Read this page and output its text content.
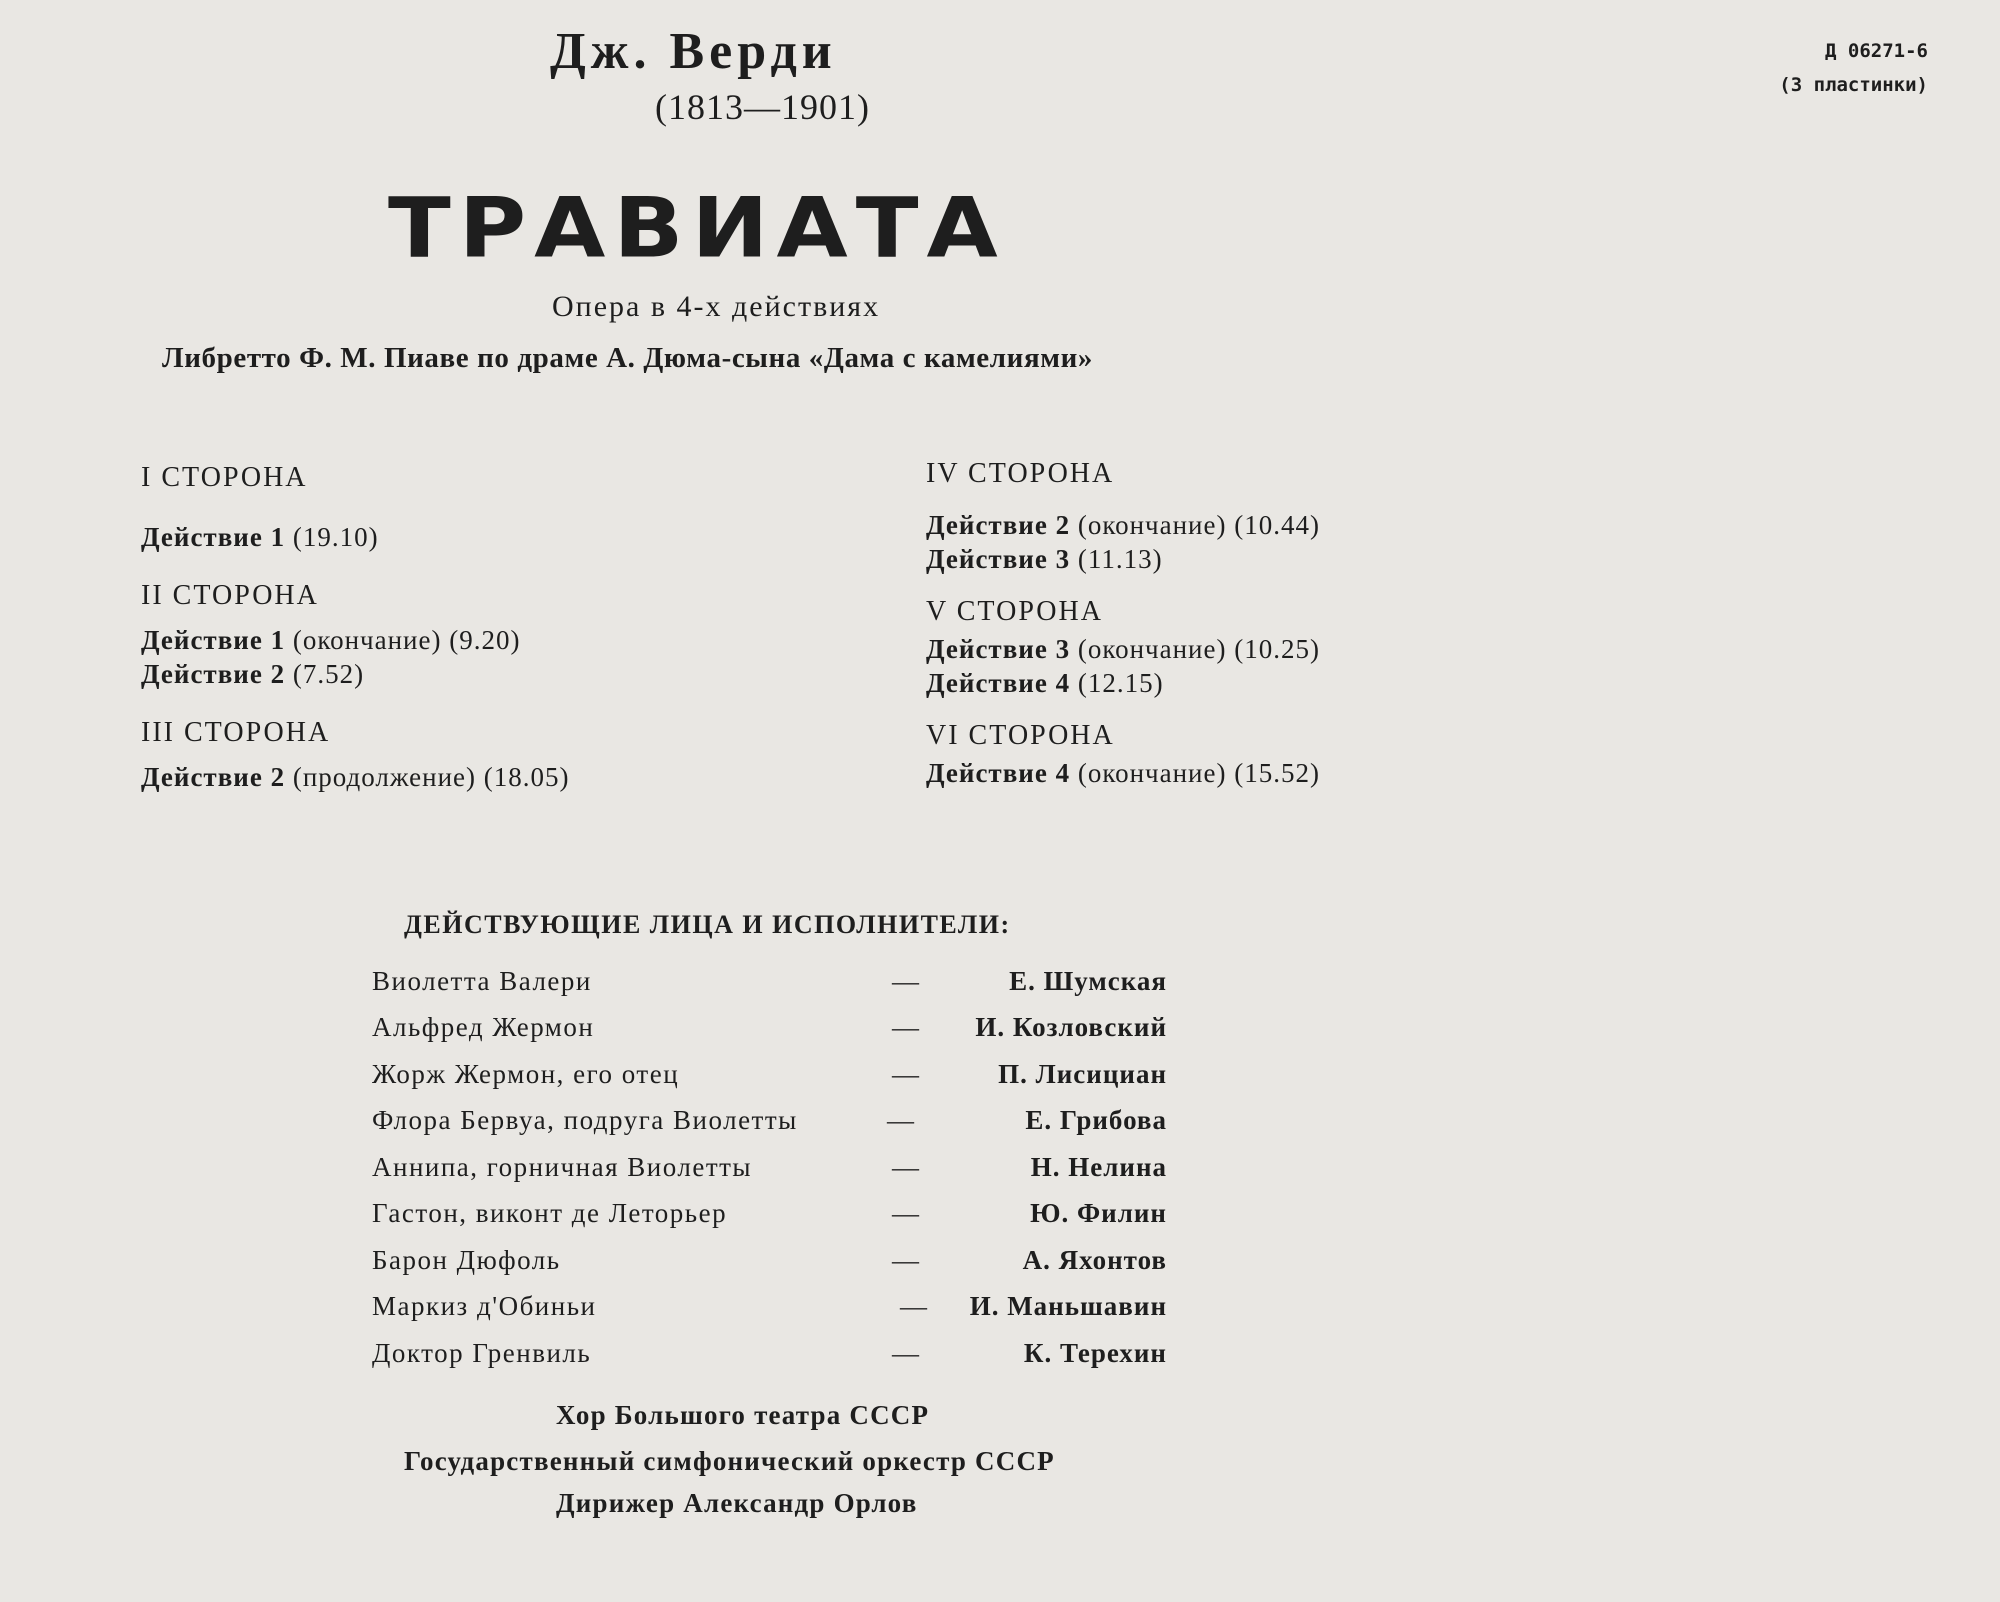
Дж. Верди
(1813—1901)
Д 06271-6
(3 пластинки)
ТРАВИАТА
Опера в 4-х действиях
Либретто Ф. М. Пиаве по драме А. Дюма-сына «Дама с камелиями»
I СТОРОНА
Действие 1 (19.10)
II СТОРОНА
Действие 1 (окончание) (9.20)
Действие 2 (7.52)
III СТОРОНА
Действие 2 (продолжение) (18.05)
IV СТОРОНА
Действие 2 (окончание) (10.44)
Действие 3 (11.13)
V СТОРОНА
Действие 3 (окончание) (10.25)
Действие 4 (12.15)
VI СТОРОНА
Действие 4 (окончание) (15.52)
ДЕЙСТВУЮЩИЕ ЛИЦА И ИСПОЛНИТЕЛИ:
Виолетта Валери	—	Е. Шумская
Альфред Жермон	— И. Козловский
Жорж Жермон, его отец	—	П. Лисициан
Флора Бервуа, подруга Виолетты	—	Е. Грибова
Аннипа, горничная Виолетты	—	Н. Нелина
Гастон, виконт де Леторьер	—	Ю. Филин
Барон Дюфоль	—	А. Яхонтов
Маркиз д'Обиньи	— И. Маньшавин
Доктор Гренвиль	—	К. Терехин
Хор Большого театра СССР
Государственный симфонический оркестр СССР
Дирижер Александр Орлов
